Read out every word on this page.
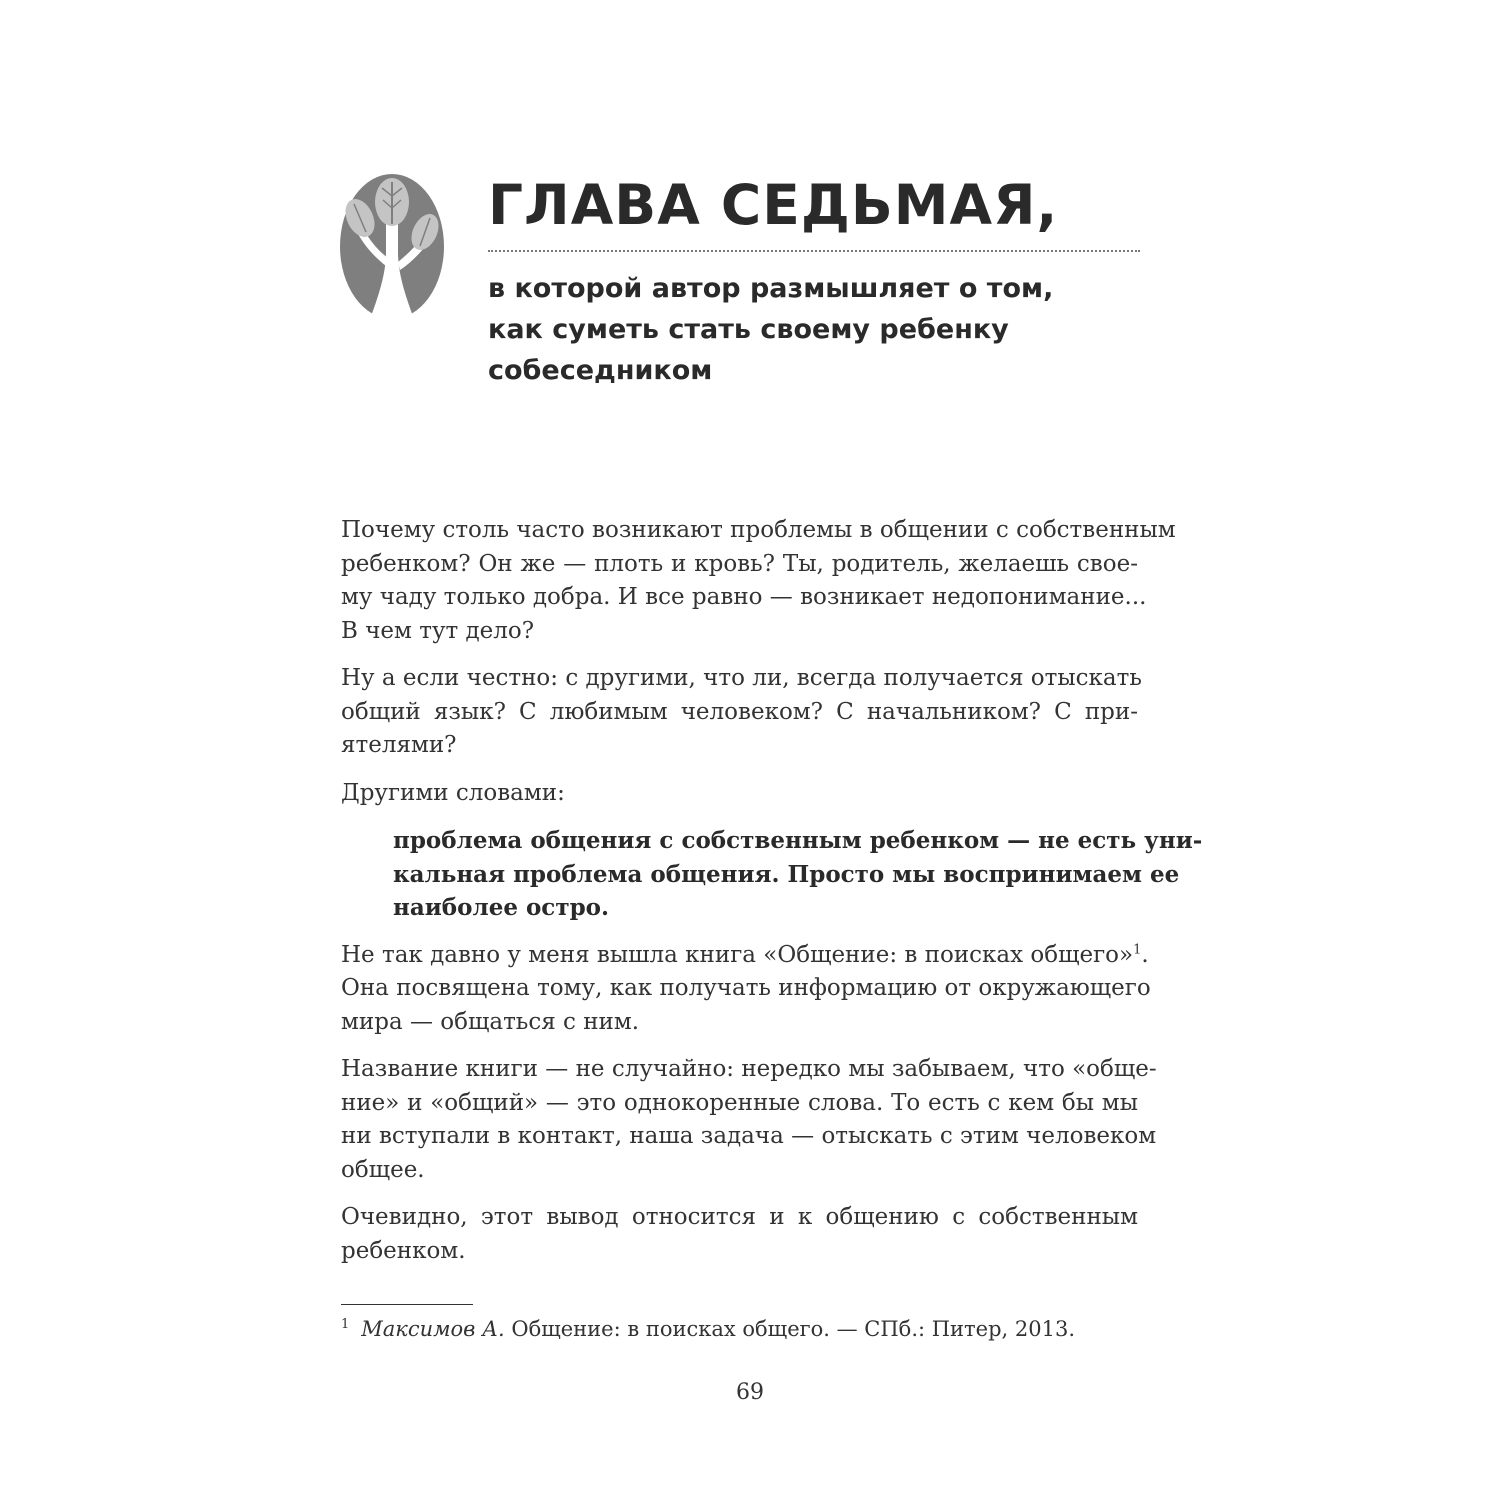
ГЛАВА СЕДЬМАЯ,
в которой автор размышляет о том,
как суметь стать своему ребенку
собеседником

Почему столь часто возникают проблемы в общении с собственным
ребенком? Он же — плоть и кровь? Ты, родитель, желаешь свое-
му чаду только добра. И все равно — возникает недопонимание...
В чем тут дело?

Ну а если честно: с другими, что ли, всегда получается отыскать
общий язык? С любимым человеком? С начальником? С при-
ятелями?

Другими словами:

проблема общения с собственным ребенком — не есть уни-
кальная проблема общения. Просто мы воспринимаем ее
наиболее остро.

Не так давно у меня вышла книга «Общение: в поисках общего»$^1$.
Она посвящена тому, как получать информацию от окружающего
мира — общаться с ним.

Название книги — не случайно: нередко мы забываем, что «обще-
ние» и «общий» — это однокоренные слова. То есть с кем бы мы
ни вступали в контакт, наша задача — отыскать с этим человеком
общее.

Очевидно, этот вывод относится и к общению с собственным
ребенком.

$^1$ Максимов А. Общение: в поисках общего. — СПб.: Питер, 2013.
69
